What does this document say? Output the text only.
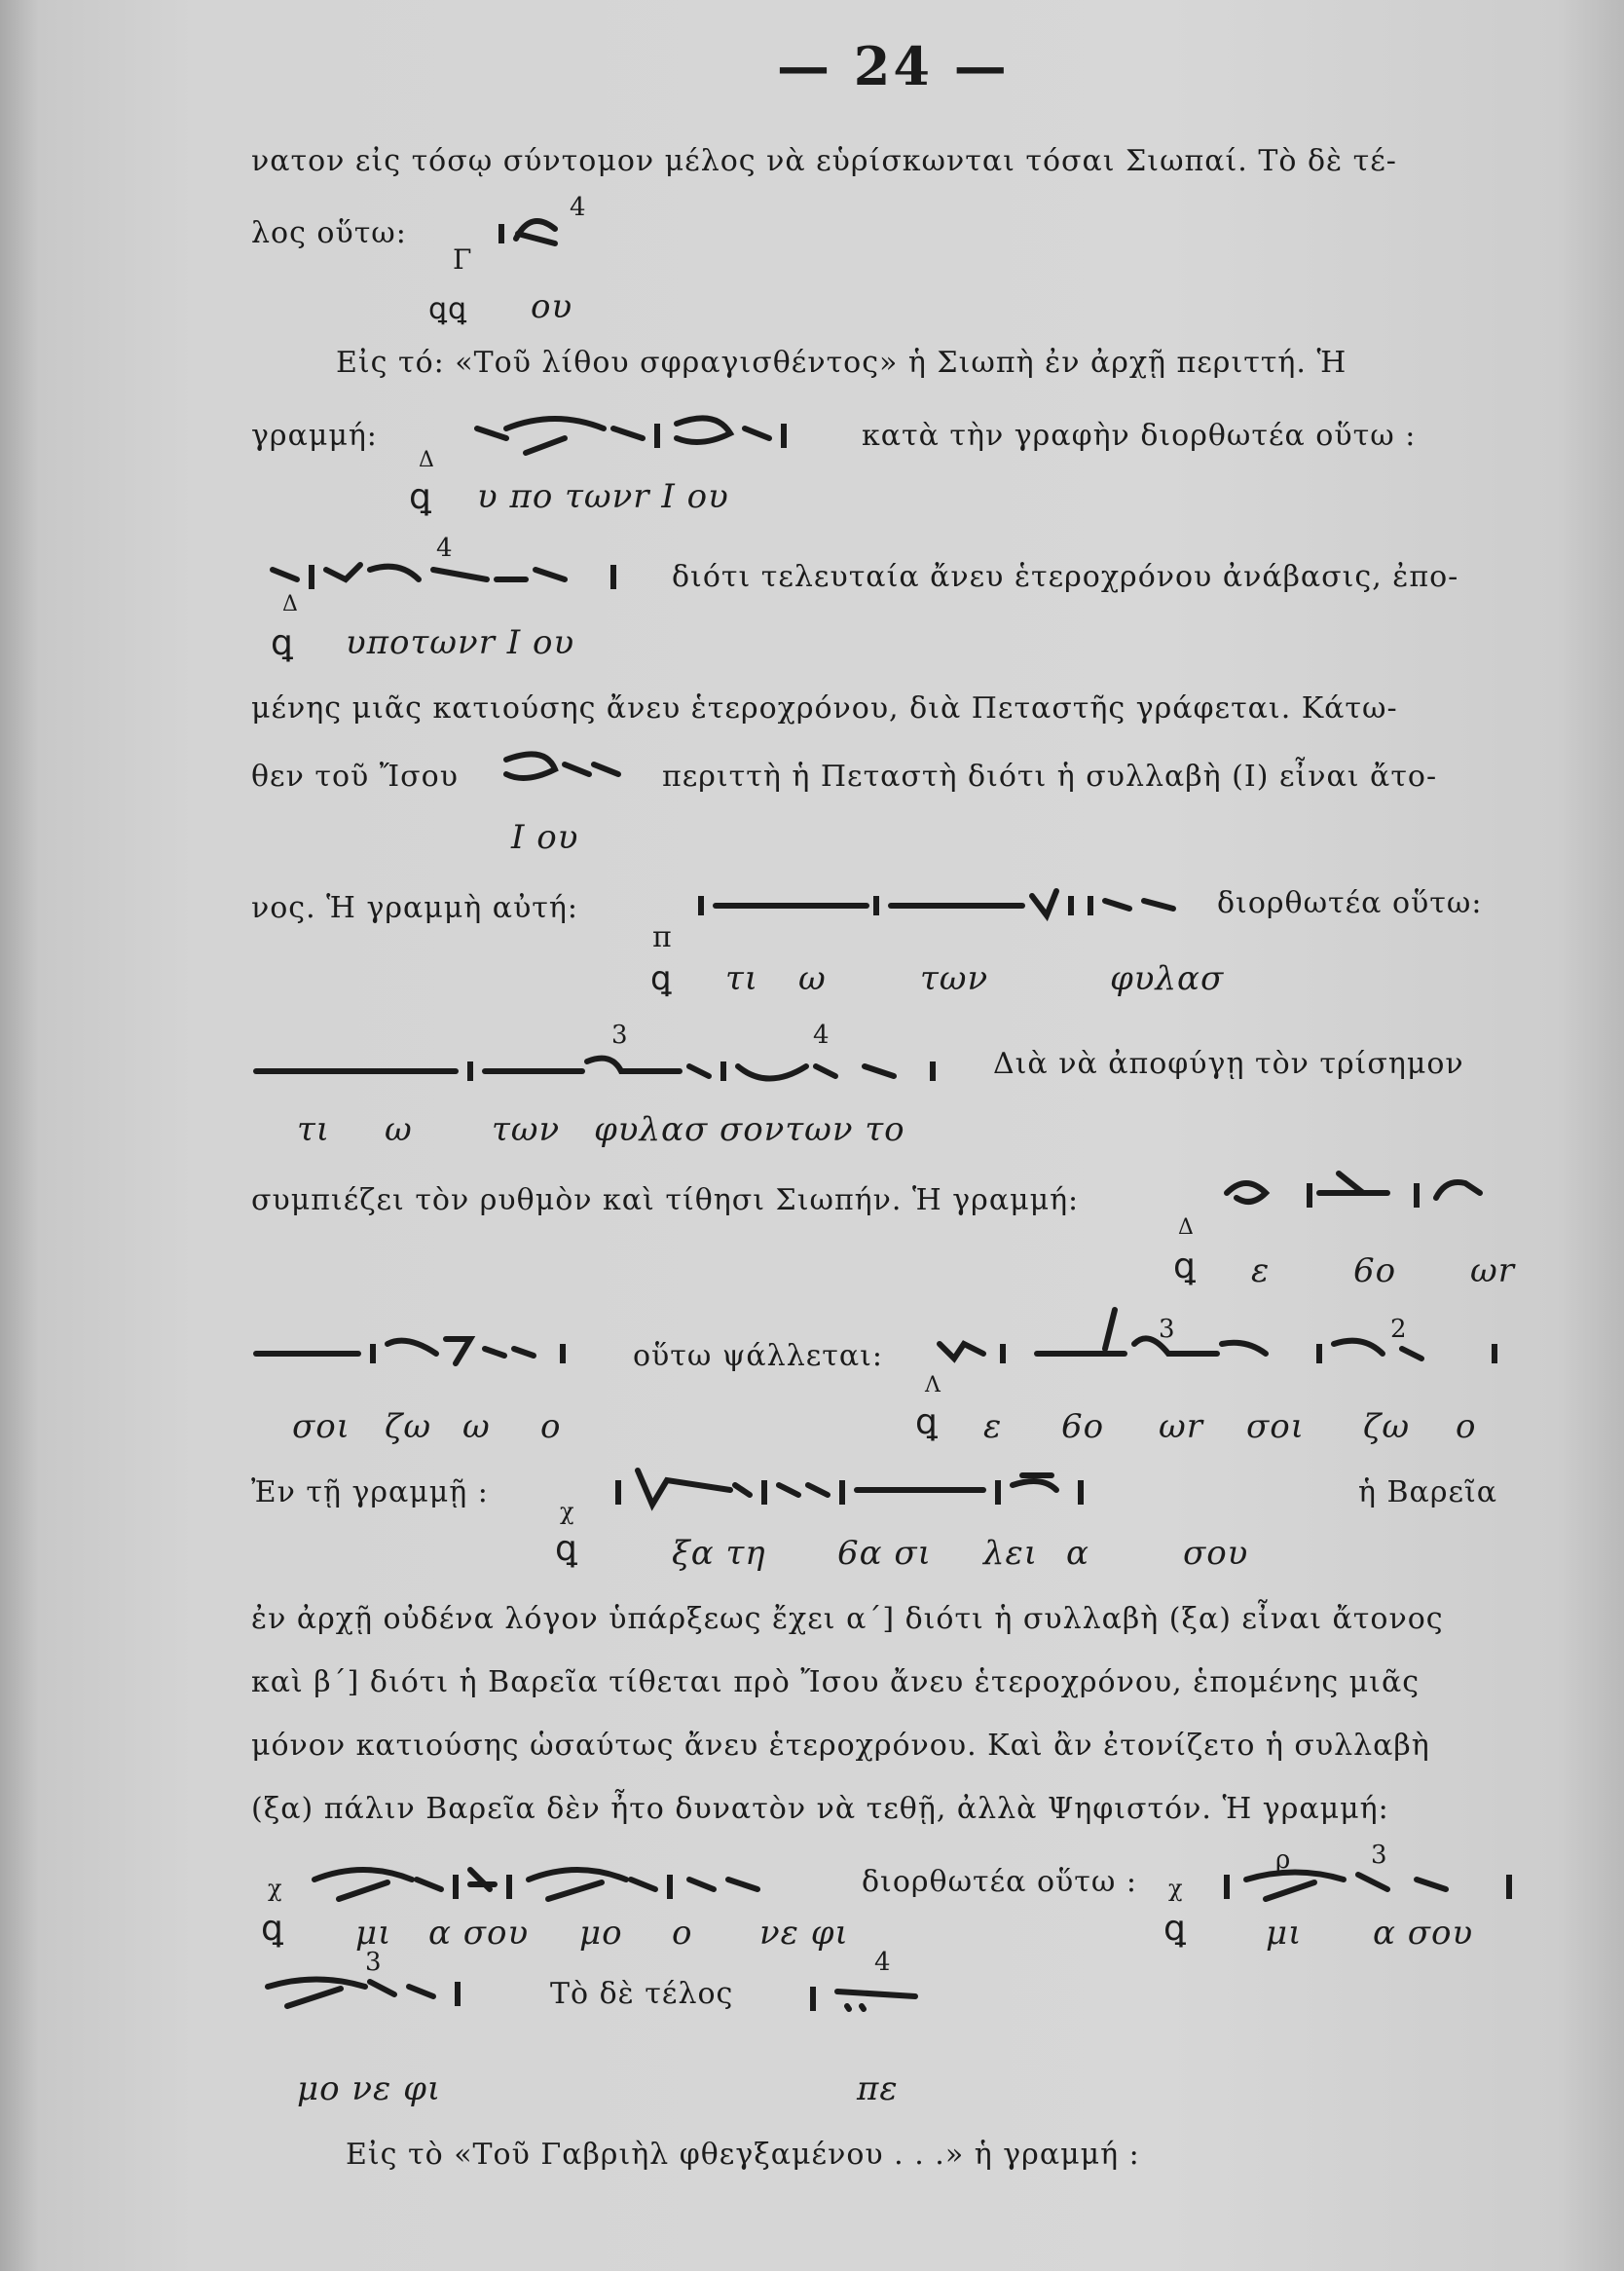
— 24 —
νατον εἰς τόσῳ σύντομον μέλος νὰ εὑρίσκωνται τόσαι Σιωπαί. Τὸ δὲ τέ-
λος οὕτω:
4
Γ
ꝗꝗ ου
Εἰς τό: «Τοῦ λίθου σφραγισθέντος» ἡ Σιωπὴ ἐν ἀρχῇ περιττή. Ἡ
γραμμή:	κατὰ τὴν γραφὴν διορθωτέα οὕτω :
Δ
ꝗ υ πο τωνr Ι ου
4
διότι τελευταία ἄνευ ἑτεροχρόνου ἀνάβασις, ἐπο-
Δ
ꝗ υποτωνr Ι ου
μένης μιᾶς κατιούσης ἄνευ ἑτεροχρόνου, διὰ Πεταστῆς γράφεται. Κάτω-
θεν τοῦ Ἴσου	περιττὴ ἡ Πεταστὴ διότι ἡ συλλαβὴ (Ι) εἶναι ἄτο-
Ι ου
νος. Ἡ γραμμὴ αὐτή:	διορθωτέα οὕτω:
π
ꝗ τι ω	των	φυλασ
3	4
Διὰ νὰ ἀποφύγῃ τὸν τρίσημον
τι ω των φυλασ σοντων το
συμπιέζει τὸν ρυθμὸν καὶ τίθησι Σιωπήν. Ἡ γραμμή:
Δ
ꝗ ε	6ο ωr
οὕτω ψάλλεται:
3	2
σοι ζω ω ο
Λ
ꝗ ε 6ο ωr σοι ζω ο
Ἐν τῇ γραμμῇ :	ἡ Βαρεῖα
χ
ꝗ	ξα τη 6α σι λει α	σου
ἐν ἀρχῇ οὐδένα λόγον ὑπάρξεως ἔχει α´] διότι ἡ συλλαβὴ (ξα) εἶναι ἄτονος
καὶ β´] διότι ἡ Βαρεῖα τίθεται πρὸ Ἴσου ἄνευ ἑτεροχρόνου, ἑπομένης μιᾶς
μόνον κατιούσης ὡσαύτως ἄνευ ἑτεροχρόνου. Καὶ ἂν ἐτονίζετο ἡ συλλαβὴ
(ξα) πάλιν Βαρεῖα δὲν ἦτο δυνατὸν νὰ τεθῇ, ἀλλὰ Ψηφιστόν. Ἡ γραμμή:
διορθωτέα οὕτω :
ρ	3
χ
ꝗ μι α σου μο ο νε φι
χ
ꝗ μι α σου
3
Τὸ δὲ τέλος
4
μο νε φι	πε
Εἰς τὸ «Τοῦ Γαβριὴλ φθεγξαμένου . . .» ἡ γραμμή :
